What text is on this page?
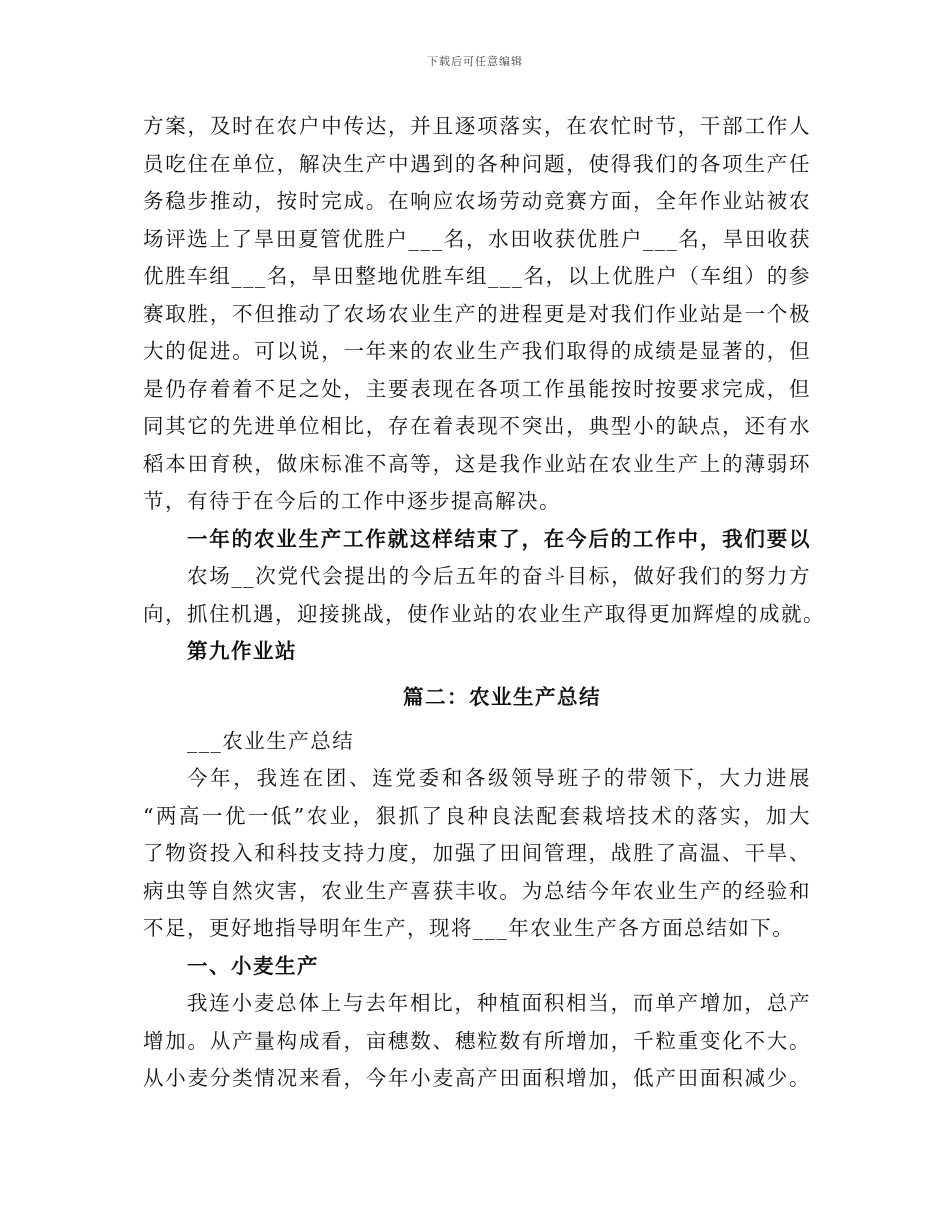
下载后可任意编辑
方案，及时在农户中传达，并且逐项落实，在农忙时节，干部工作人
员吃住在单位，解决生产中遇到的各种问题，使得我们的各项生产任
务稳步推动，按时完成。在响应农场劳动竞赛方面，全年作业站被农
场评选上了旱田夏管优胜户___名，水田收获优胜户___名，旱田收获
优胜车组___名，旱田整地优胜车组___名，以上优胜户（车组）的参
赛取胜，不但推动了农场农业生产的进程更是对我们作业站是一个极
大的促进。可以说，一年来的农业生产我们取得的成绩是显著的，但
是仍存着着不足之处，主要表现在各项工作虽能按时按要求完成，但
同其它的先进单位相比，存在着表现不突出，典型小的缺点，还有水
稻本田育秧，做床标准不高等，这是我作业站在农业生产上的薄弱环
节，有待于在今后的工作中逐步提高解决。
一年的农业生产工作就这样结束了，在今后的工作中，我们要以
农场__次党代会提出的今后五年的奋斗目标，做好我们的努力方
向，抓住机遇，迎接挑战，使作业站的农业生产取得更加辉煌的成就。
第九作业站
篇二：农业生产总结
___农业生产总结
今年，我连在团、连党委和各级领导班子的带领下，大力进展
“两高一优一低”农业，狠抓了良种良法配套栽培技术的落实，加大
了物资投入和科技支持力度，加强了田间管理，战胜了高温、干旱、
病虫等自然灾害，农业生产喜获丰收。为总结今年农业生产的经验和
不足，更好地指导明年生产，现将___年农业生产各方面总结如下。
一、小麦生产
我连小麦总体上与去年相比，种植面积相当，而单产增加，总产
增加。从产量构成看，亩穗数、穗粒数有所增加，千粒重变化不大。
从小麦分类情况来看，今年小麦高产田面积增加，低产田面积减少。
